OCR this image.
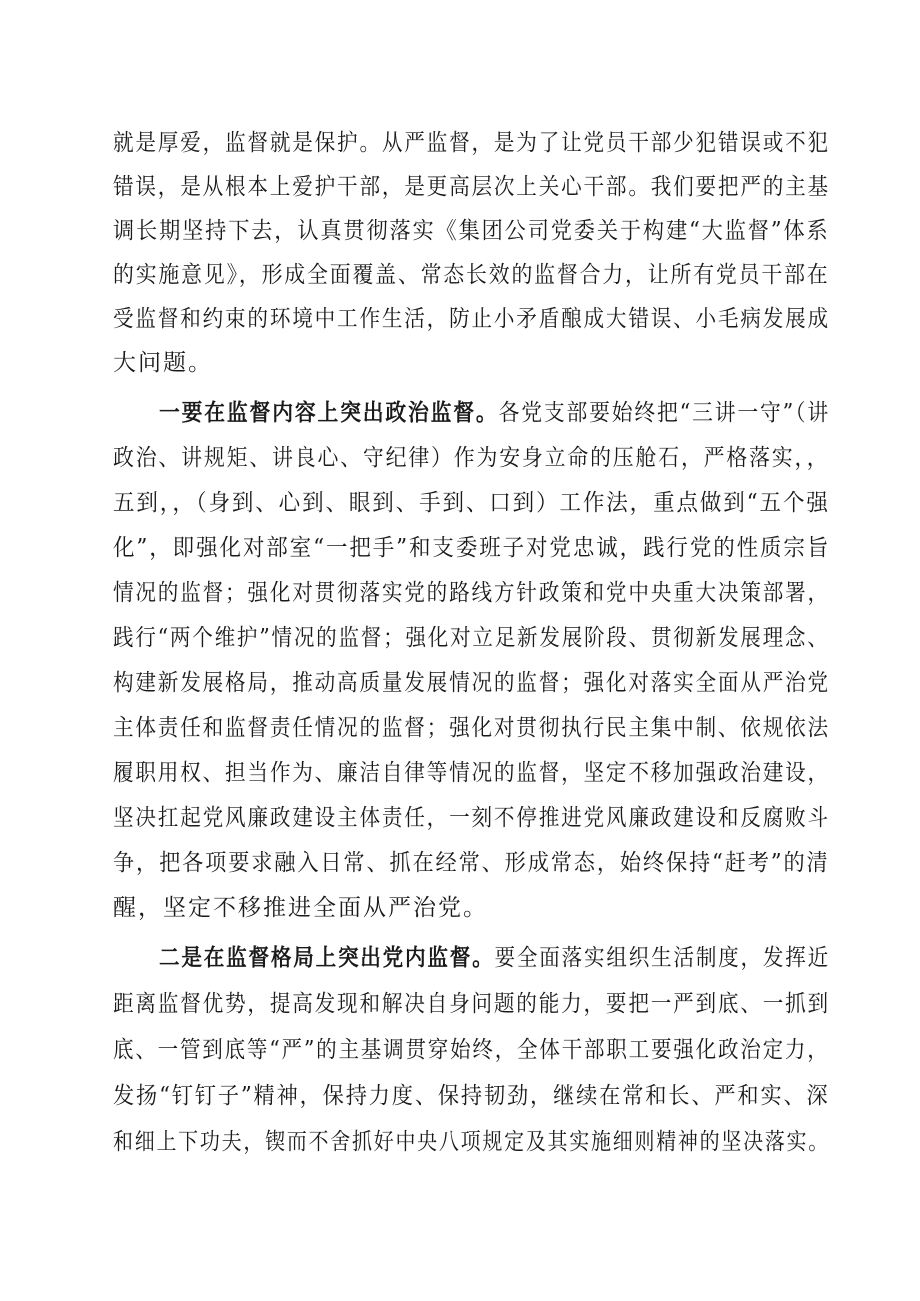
就是厚爱，监督就是保护。从严监督，是为了让党员干部少犯错误或不犯
错误，是从根本上爱护干部，是更高层次上关心干部。我们要把严的主基
调长期坚持下去，认真贯彻落实《集团公司党委关于构建“大监督”体系
的实施意见》，形成全面覆盖、常态长效的监督合力，让所有党员干部在
受监督和约束的环境中工作生活，防止小矛盾酿成大错误、小毛病发展成
大问题。
一要在监督内容上突出政治监督。各党支部要始终把“三讲一守”（讲
政治、讲规矩、讲良心、守纪律）作为安身立命的压舱石，严格落实，，
五到，，（身到、心到、眼到、手到、口到）工作法，重点做到“五个强
化”，即强化对部室“一把手”和支委班子对党忠诚，践行党的性质宗旨
情况的监督；强化对贯彻落实党的路线方针政策和党中央重大决策部署，
践行“两个维护”情况的监督；强化对立足新发展阶段、贯彻新发展理念、
构建新发展格局，推动高质量发展情况的监督；强化对落实全面从严治党
主体责任和监督责任情况的监督；强化对贯彻执行民主集中制、依规依法
履职用权、担当作为、廉洁自律等情况的监督，坚定不移加强政治建设，
坚决扛起党风廉政建设主体责任，一刻不停推进党风廉政建设和反腐败斗
争，把各项要求融入日常、抓在经常、形成常态，始终保持“赶考”的清
醒，坚定不移推进全面从严治党。
二是在监督格局上突出党内监督。要全面落实组织生活制度，发挥近
距离监督优势，提高发现和解决自身问题的能力，要把一严到底、一抓到
底、一管到底等“严”的主基调贯穿始终，全体干部职工要强化政治定力，
发扬“钉钉子”精神，保持力度、保持韧劲，继续在常和长、严和实、深
和细上下功夫，锲而不舍抓好中央八项规定及其实施细则精神的坚决落实。
